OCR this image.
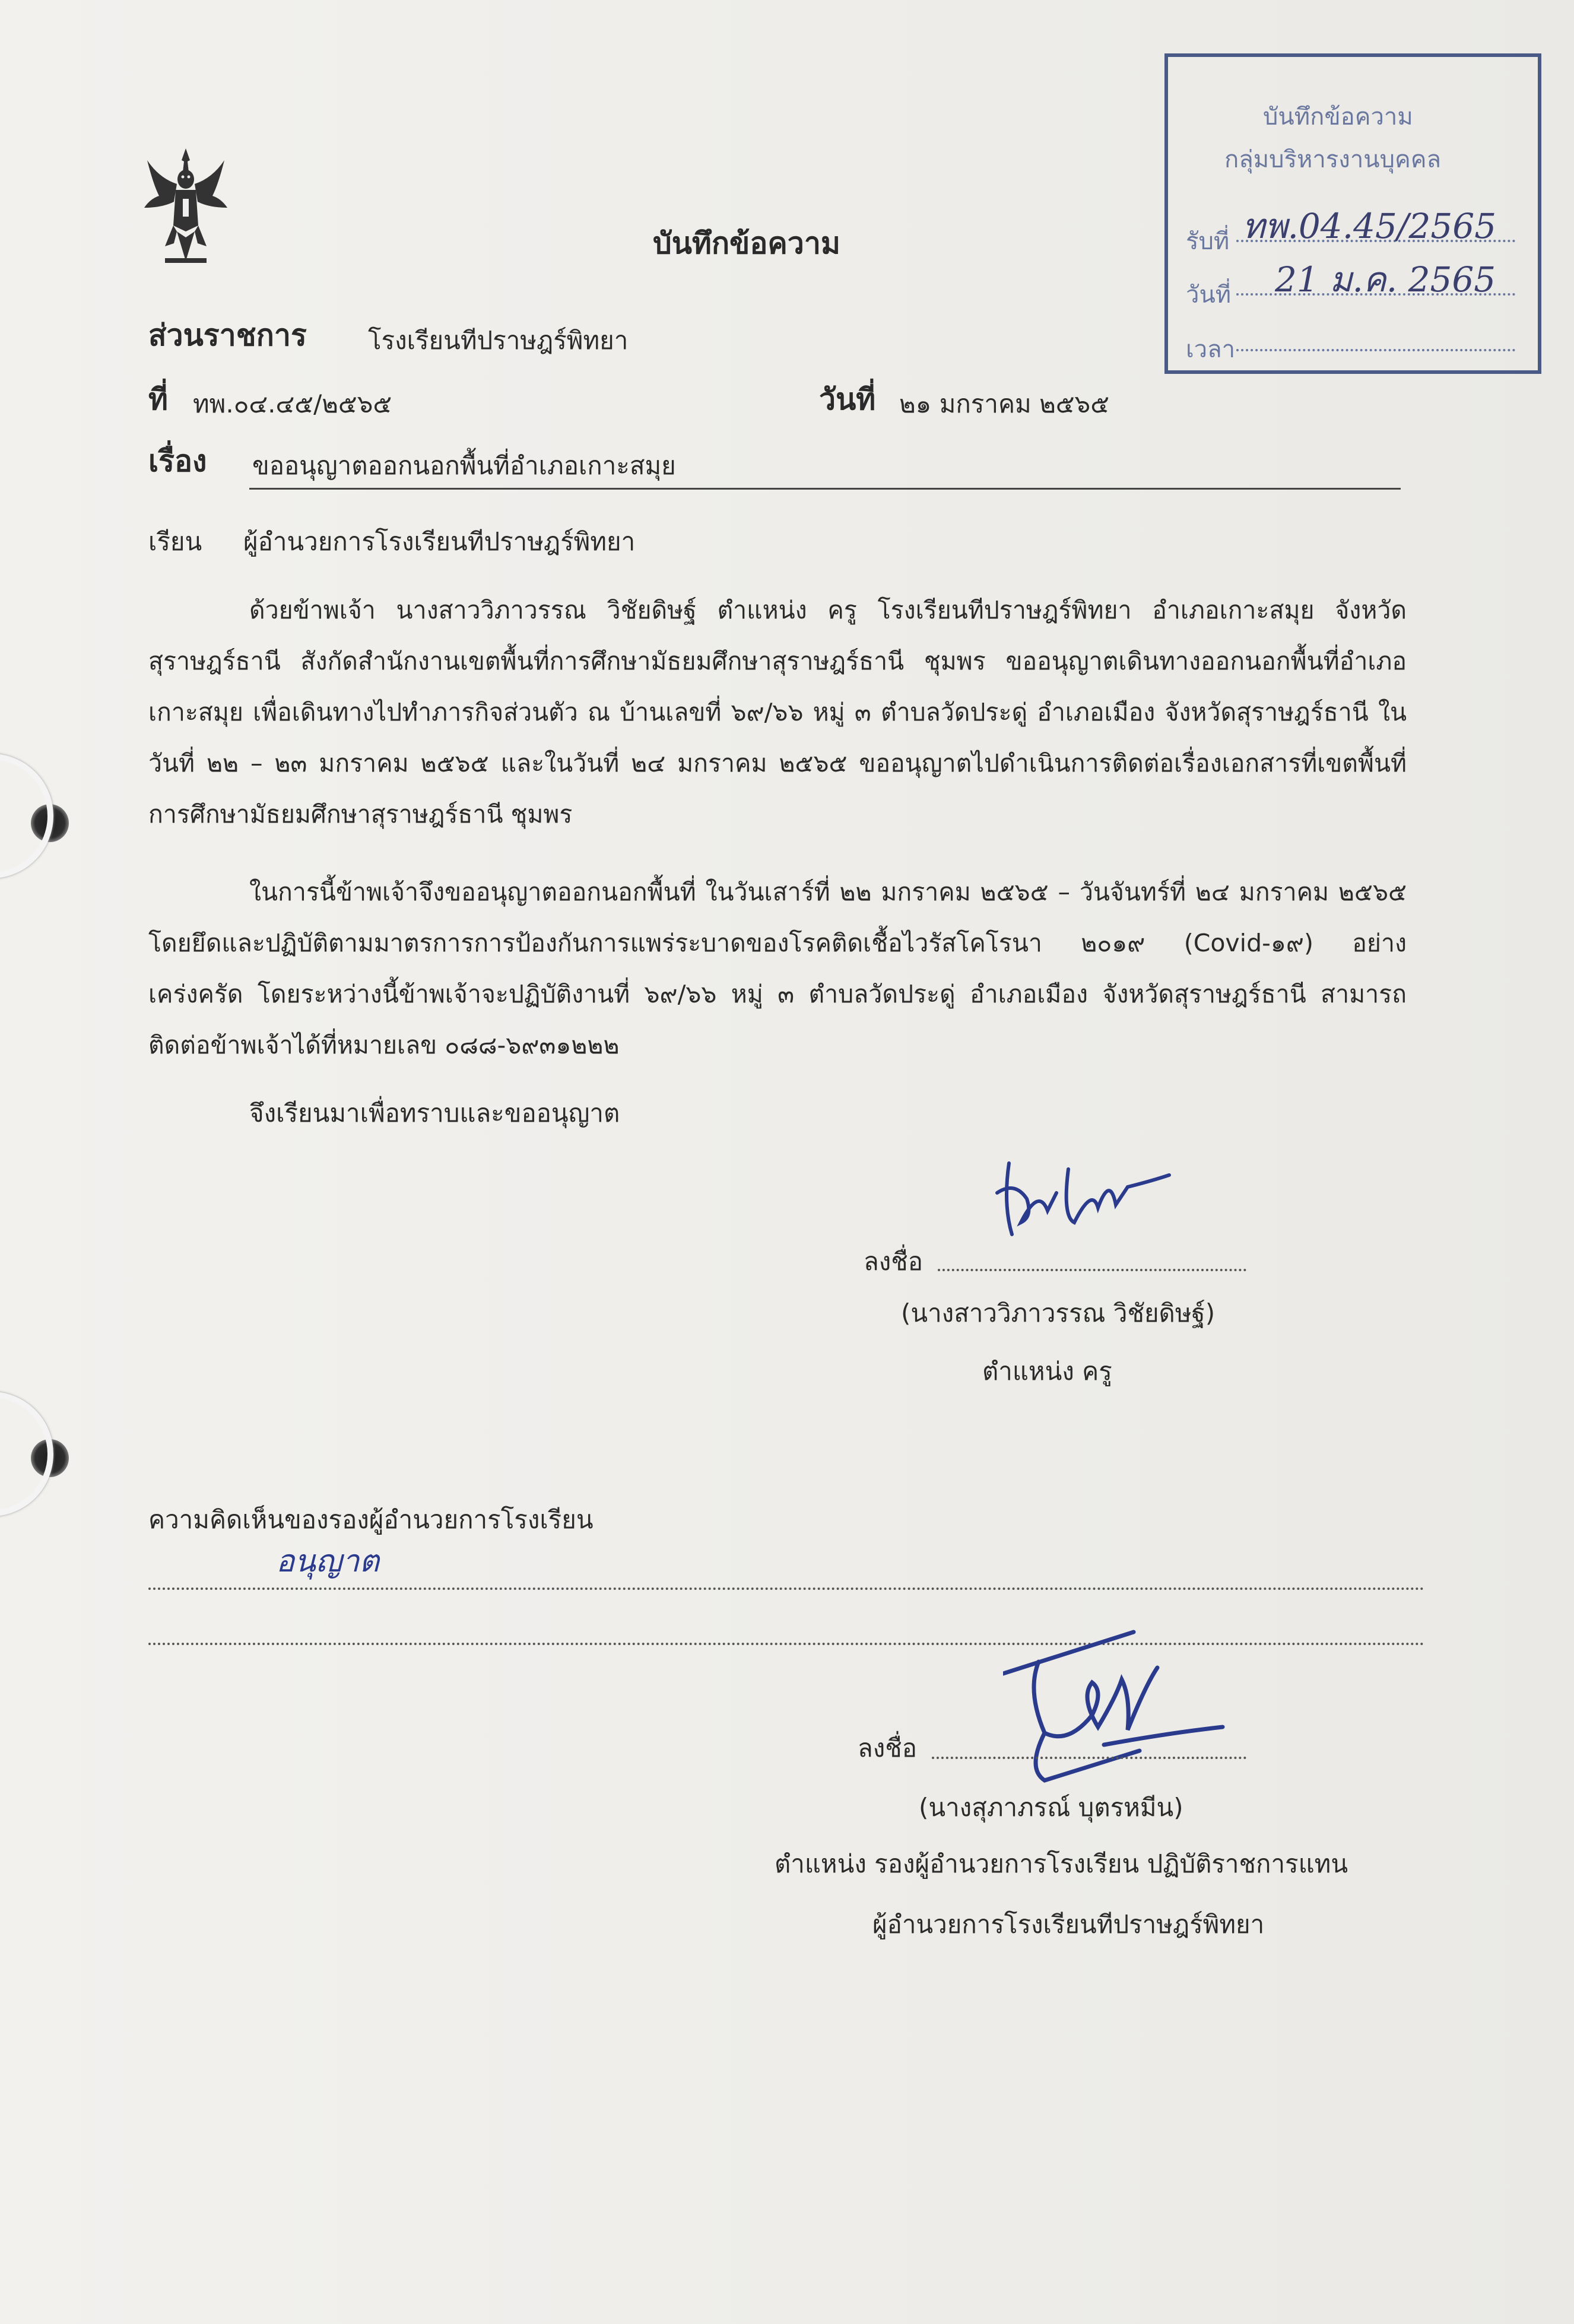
บันทึกข้อความ
บันทึกข้อความ
กลุ่มบริหารงานบุคคล
รับที่ ทพ.04.45/2565
วันที่ 21 ม.ค. 2565
เวลา
ส่วนราชการ โรงเรียนทีปราษฎร์พิทยา
ที่ ทพ.๐๔.๔๕/๒๕๖๕	วันที่ ๒๑ มกราคม ๒๕๖๕
เรื่อง ขออนุญาตออกนอกพื้นที่อำเภอเกาะสมุย
เรียน ผู้อำนวยการโรงเรียนทีปราษฎร์พิทยา
ด้วยข้าพเจ้า นางสาววิภาวรรณ วิชัยดิษฐ์ ตำแหน่ง ครู โรงเรียนทีปราษฎร์พิทยา อำเภอเกาะสมุย จังหวัดสุราษฎร์ธานี สังกัดสำนักงานเขตพื้นที่การศึกษามัธยมศึกษาสุราษฎร์ธานี ชุมพร ขออนุญาตเดินทางออกนอกพื้นที่อำเภอเกาะสมุย เพื่อเดินทางไปทำภารกิจส่วนตัว ณ บ้านเลขที่ ๖๙/๖๖ หมู่ ๓ ตำบลวัดประดู่ อำเภอเมือง จังหวัดสุราษฎร์ธานี ในวันที่ ๒๒ – ๒๓ มกราคม ๒๕๖๕ และในวันที่ ๒๔ มกราคม ๒๕๖๕ ขออนุญาตไปดำเนินการติดต่อเรื่องเอกสารที่เขตพื้นที่การศึกษามัธยมศึกษาสุราษฎร์ธานี ชุมพร
ในการนี้ข้าพเจ้าจึงขออนุญาตออกนอกพื้นที่ ในวันเสาร์ที่ ๒๒ มกราคม ๒๕๖๕ – วันจันทร์ที่ ๒๔ มกราคม ๒๕๖๕ โดยยึดและปฏิบัติตามมาตรการการป้องกันการแพร่ระบาดของโรคติดเชื้อไวรัสโคโรนา ๒๐๑๙ (Covid-๑๙) อย่างเคร่งครัด โดยระหว่างนี้ข้าพเจ้าจะปฏิบัติงานที่ ๖๙/๖๖ หมู่ ๓ ตำบลวัดประดู่ อำเภอเมือง จังหวัดสุราษฎร์ธานี สามารถติดต่อข้าพเจ้าได้ที่หมายเลข ๐๘๘-๖๙๓๑๒๒๒
จึงเรียนมาเพื่อทราบและขออนุญาต
ลงชื่อ
(นางสาววิภาวรรณ วิชัยดิษฐ์)
ตำแหน่ง ครู
ความคิดเห็นของรองผู้อำนวยการโรงเรียน
อนุญาต
ลงชื่อ
(นางสุภาภรณ์ บุตรหมีน)
ตำแหน่ง รองผู้อำนวยการโรงเรียน ปฏิบัติราชการแทน
ผู้อำนวยการโรงเรียนทีปราษฎร์พิทยา
